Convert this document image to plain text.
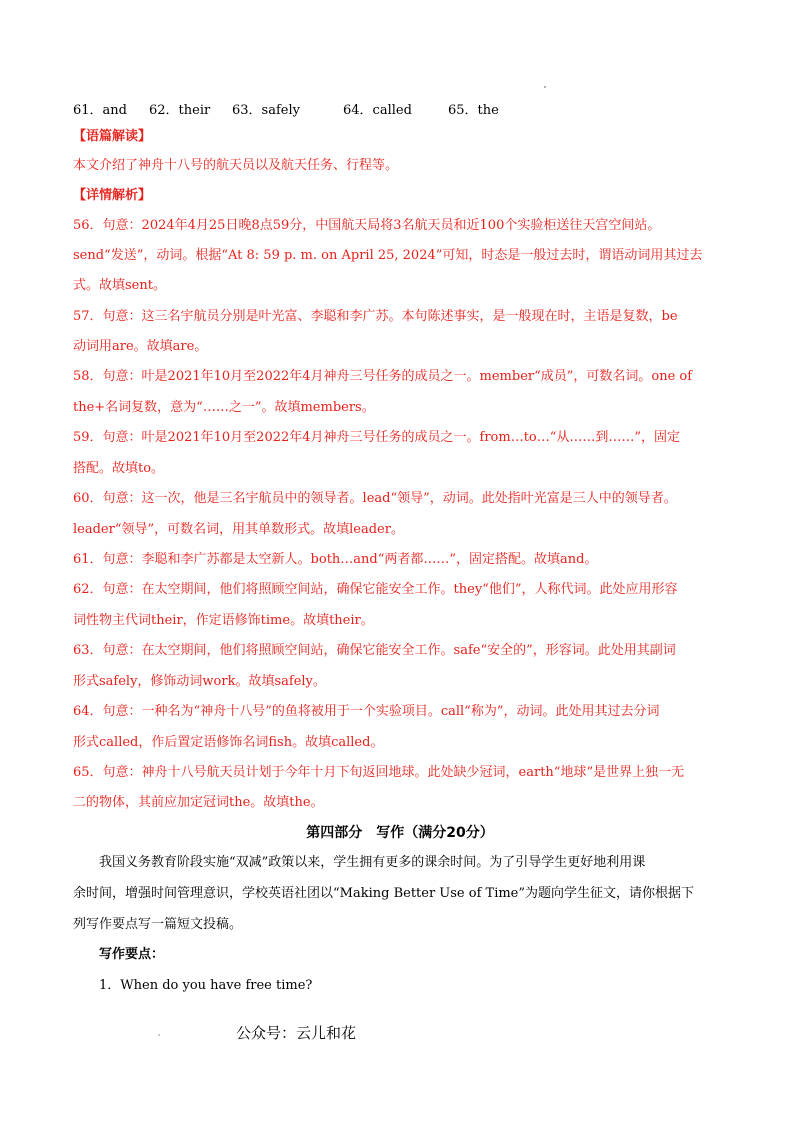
61．and 62．their 63．safely	64．called	65．the
【语篇解读】
本文介绍了神舟十八号的航天员以及航天任务、行程等。
【详情解析】
56．句意：2024年4月25日晚8点59分，中国航天局将3名航天员和近100个实验柜送往天宫空间站。
send“发送”，动词。根据“At 8: 59 p. m. on April 25, 2024”可知，时态是一般过去时，谓语动词用其过去
式。故填sent。
57．句意：这三名宇航员分别是叶光富、李聪和李广苏。本句陈述事实，是一般现在时，主语是复数，be
动词用are。故填are。
58．句意：叶是2021年10月至2022年4月神舟三号任务的成员之一。member“成员”，可数名词。one of
the+名词复数，意为“……之一”。故填members。
59．句意：叶是2021年10月至2022年4月神舟三号任务的成员之一。from…to…“从……到……”，固定
搭配。故填to。
60．句意：这一次，他是三名宇航员中的领导者。lead“领导”，动词。此处指叶光富是三人中的领导者。
leader“领导”，可数名词，用其单数形式。故填leader。
61．句意：李聪和李广苏都是太空新人。both…and“两者都……”，固定搭配。故填and。
62．句意：在太空期间，他们将照顾空间站，确保它能安全工作。they“他们”，人称代词。此处应用形容
词性物主代词their，作定语修饰time。故填their。
63．句意：在太空期间，他们将照顾空间站，确保它能安全工作。safe“安全的”，形容词。此处用其副词
形式safely，修饰动词work。故填safely。
64．句意：一种名为“神舟十八号”的鱼将被用于一个实验项目。call“称为”，动词。此处用其过去分词
形式called，作后置定语修饰名词fish。故填called。
65．句意：神舟十八号航天员计划于今年十月下旬返回地球。此处缺少冠词，earth“地球”是世界上独一无
二的物体，其前应加定冠词the。故填the。
第四部分　写作（满分20分）
我国义务教育阶段实施“双减”政策以来，学生拥有更多的课余时间。为了引导学生更好地利用课
余时间，增强时间管理意识，学校英语社团以“Making Better Use of Time”为题向学生征文，请你根据下
列写作要点写一篇短文投稿。
写作要点：
1．When do you have free time?
公众号：云儿和花
